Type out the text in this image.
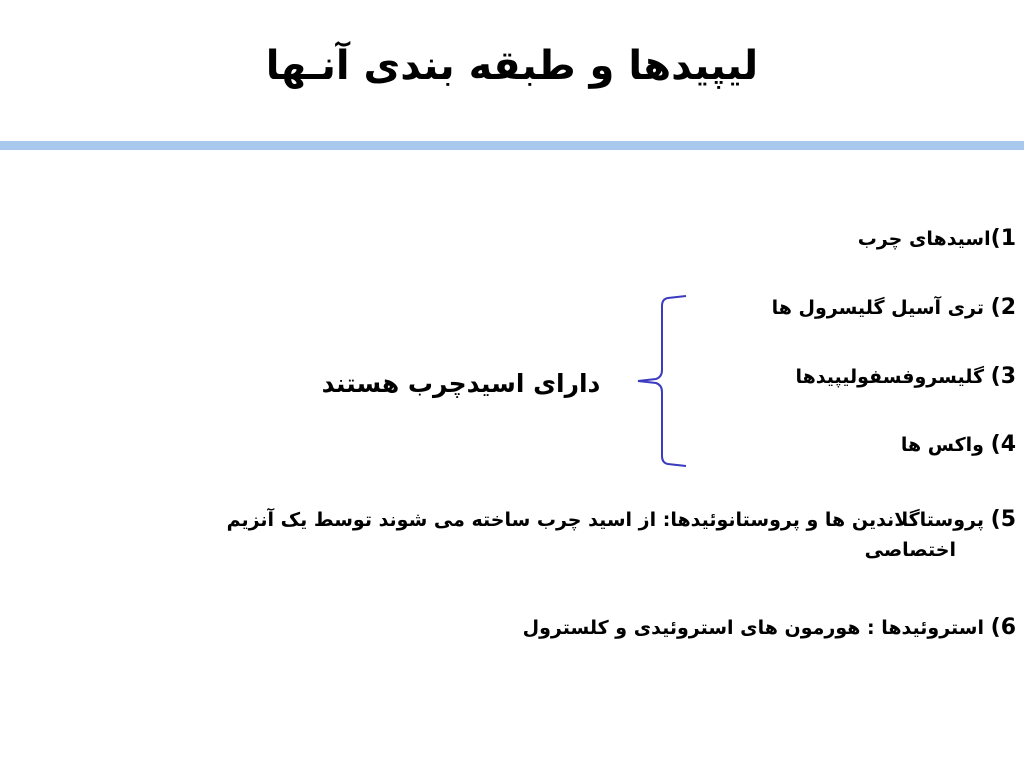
لیپیدها و طبقه بندی آنـها
1)اسیدهای چرب
2) تری آسیل گلیسرول ها
3) گلیسروفسفولیپیدها
4) واکس ها
5) پروستاگلاندین ها و پروستانوئیدها: از اسید چرب ساخته می شوند توسط یک آنزیم
اختصاصی
6) استروئیدها : هورمون های استروئیدی و کلسترول
دارای اسیدچرب هستند
